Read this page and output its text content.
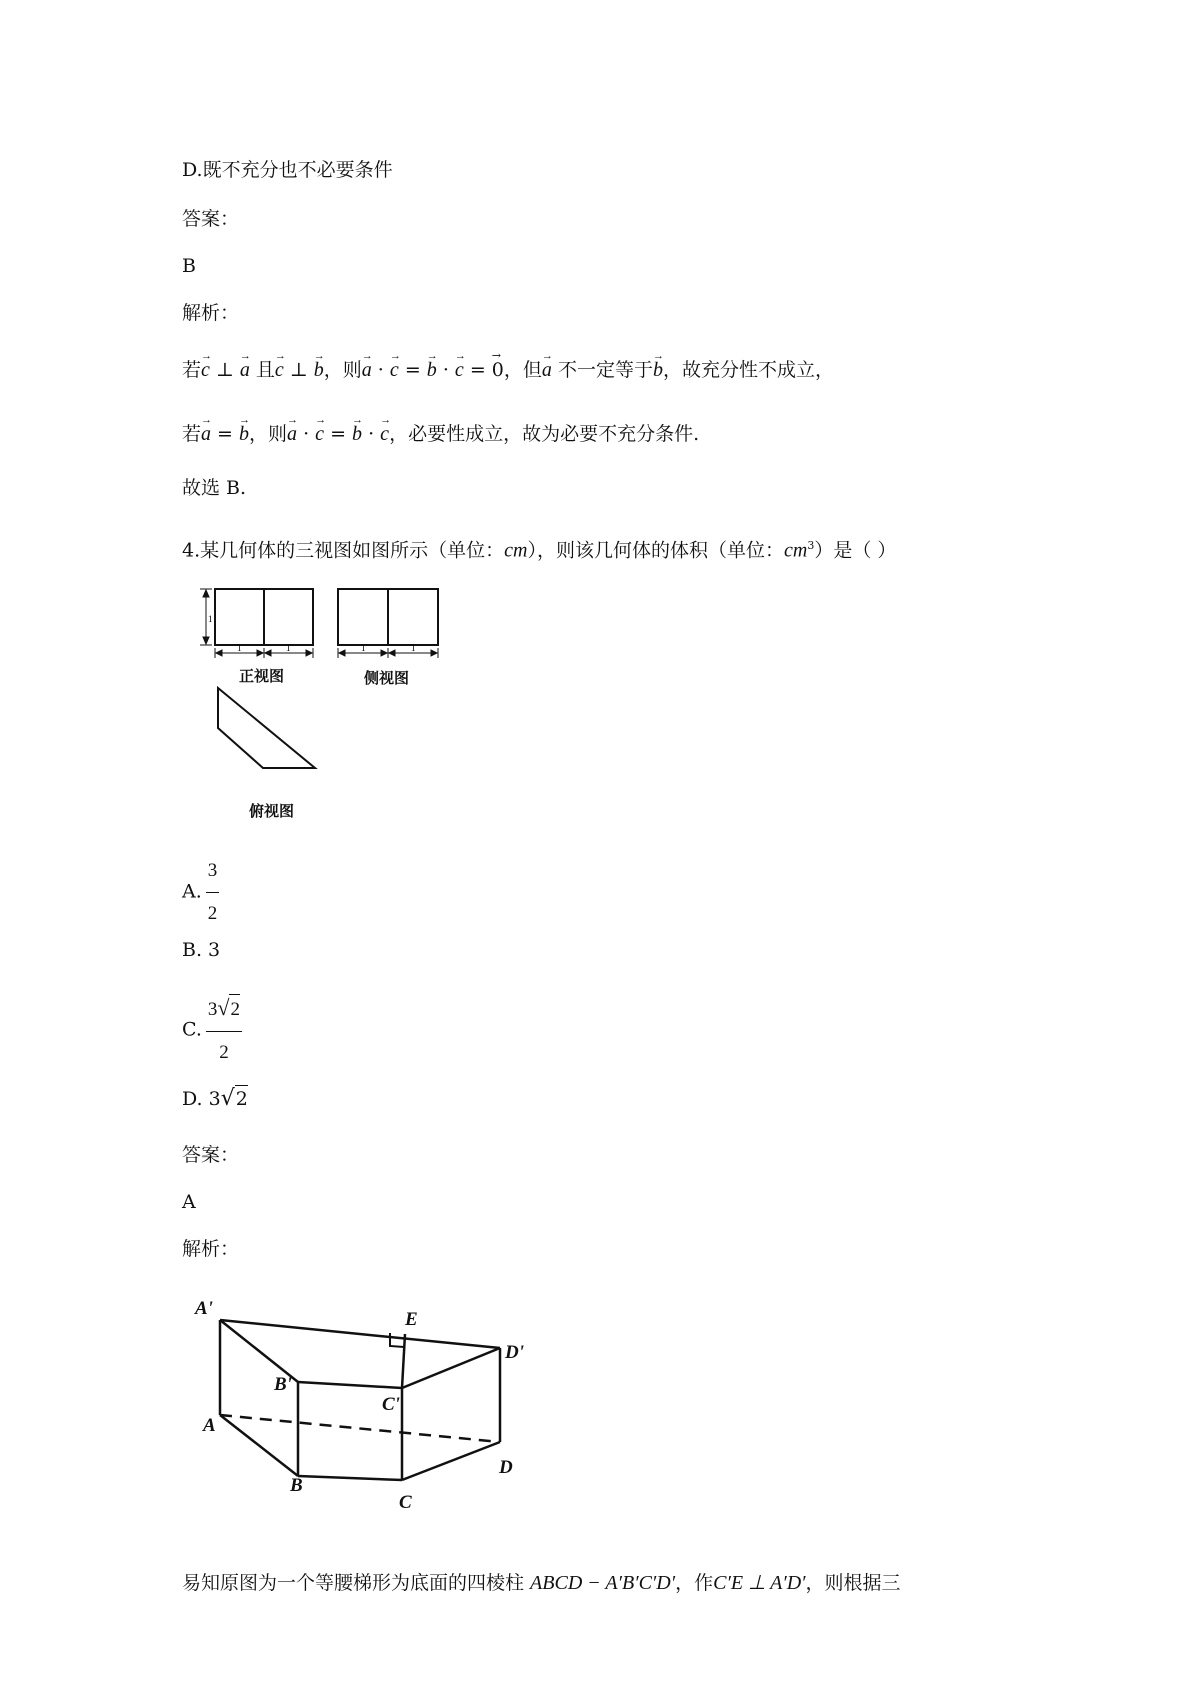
D.既不充分也不必要条件
答案：
B
解析：
若→ c ⊥ → a 且→ c ⊥ → b，则→ a · → c = → b · → c = → 0，但→ a 不一定等于→ b，故充分性不成立，
若→ a = → b，则→ a · → c = → b · → c，必要性成立，故为必要不充分条件.
故选 B.
4.某几何体的三视图如图所示（单位：cm），则该几何体的体积（单位：$cm^3$）是（ ）
1
1	1	1	1
正视图	侧视图
俯视图
A. $\frac{3}{2}$
B. 3
C. $\frac{3√2}{2}$
D. 3√2
答案：
A
解析：
A'
E
D'
B'
C'
A
B
D
C
易知原图为一个等腰梯形为底面的四棱柱 ABCD − A′B′C′D′，作C′E ⊥ A′D′，则根据三
